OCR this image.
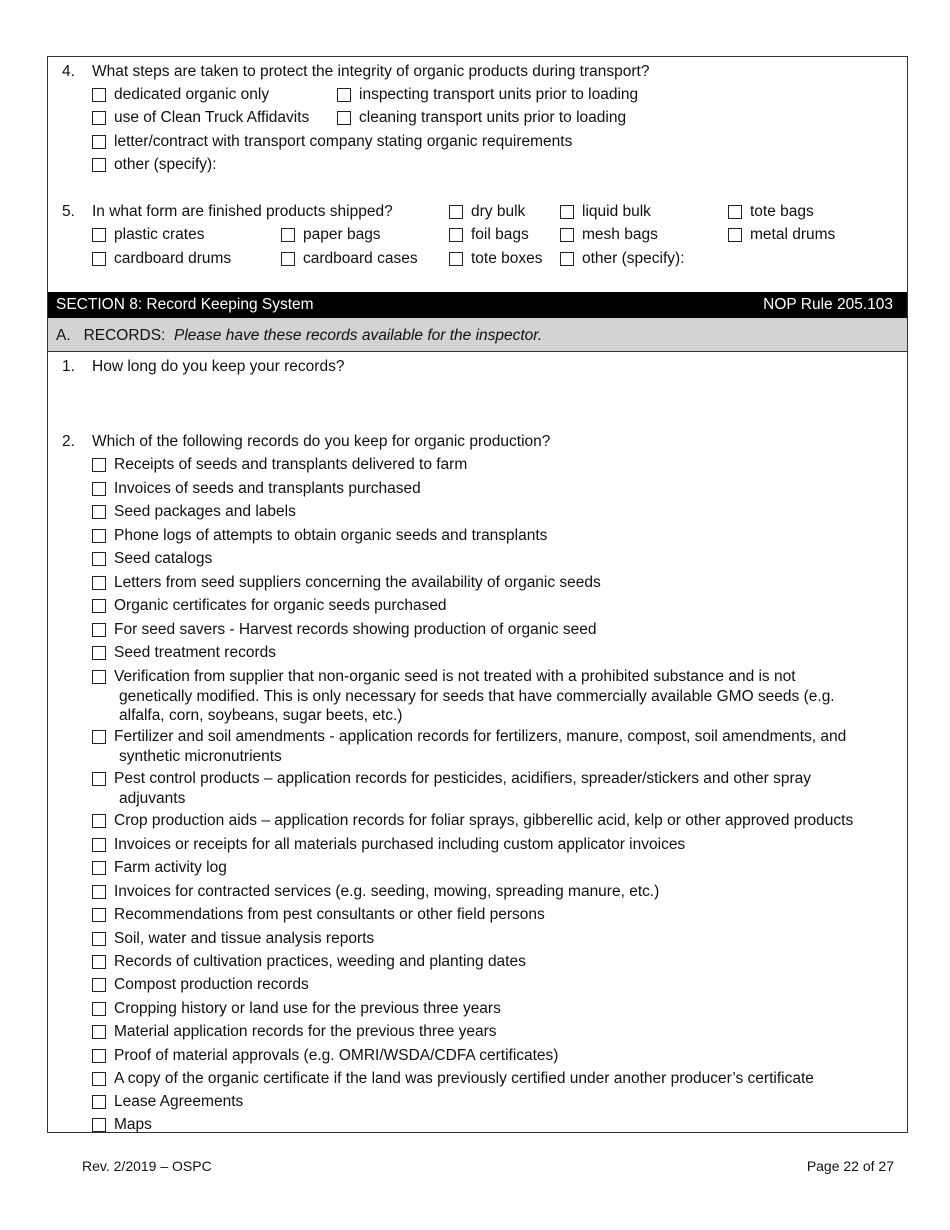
4. What steps are taken to protect the integrity of organic products during transport?
dedicated organic only	inspecting transport units prior to loading
use of Clean Truck Affidavits	cleaning transport units prior to loading
letter/contract with transport company stating organic requirements
other (specify):
5. In what form are finished products shipped?	dry bulk	liquid bulk	tote bags
plastic crates	paper bags	foil bags	mesh bags	metal drums
cardboard drums	cardboard cases	tote boxes	other (specify):
SECTION 8: Record Keeping System	NOP Rule 205.103
A.   RECORDS:  Please have these records available for the inspector.
1. How long do you keep your records?
2. Which of the following records do you keep for organic production?
Receipts of seeds and transplants delivered to farm
Invoices of seeds and transplants purchased
Seed packages and labels
Phone logs of attempts to obtain organic seeds and transplants
Seed catalogs
Letters from seed suppliers concerning the availability of organic seeds
Organic certificates for organic seeds purchased
For seed savers - Harvest records showing production of organic seed
Seed treatment records
Verification from supplier that non-organic seed is not treated with a prohibited substance and is not
genetically modified. This is only necessary for seeds that have commercially available GMO seeds (e.g.
alfalfa, corn, soybeans, sugar beets, etc.)
Fertilizer and soil amendments - application records for fertilizers, manure, compost, soil amendments, and
synthetic micronutrients
Pest control products – application records for pesticides, acidifiers, spreader/stickers and other spray
adjuvants
Crop production aids – application records for foliar sprays, gibberellic acid, kelp or other approved products
Invoices or receipts for all materials purchased including custom applicator invoices
Farm activity log
Invoices for contracted services (e.g. seeding, mowing, spreading manure, etc.)
Recommendations from pest consultants or other field persons
Soil, water and tissue analysis reports
Records of cultivation practices, weeding and planting dates
Compost production records
Cropping history or land use for the previous three years
Material application records for the previous three years
Proof of material approvals (e.g. OMRI/WSDA/CDFA certificates)
A copy of the organic certificate if the land was previously certified under another producer’s certificate
Lease Agreements
Maps
Rev. 2/2019 – OSPC	Page 22 of 27
